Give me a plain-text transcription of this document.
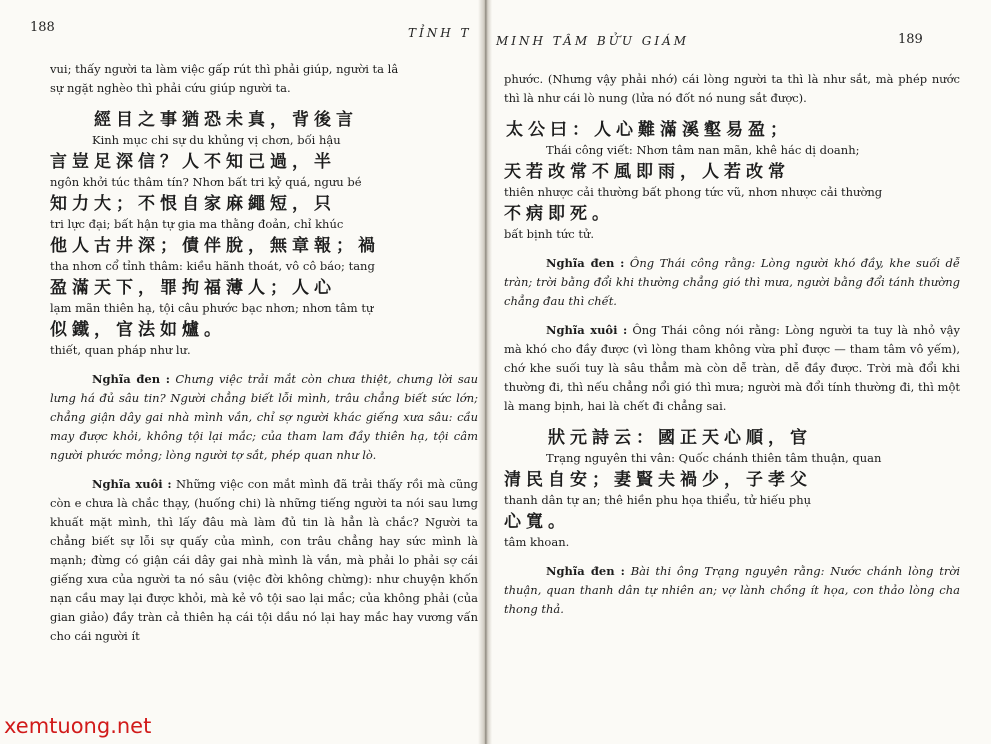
188	TỈNH T

vui; thấy người ta làm việc gấp rút thì phải giúp, người ta lâ

sự ngặt nghèo thì phải cứu giúp người ta.

經目之事猶恐未真，背後言

Kinh mục chi sự du khủng vị chơn, bối hậu

言豈足深信？人不知己過，半

ngôn khởi túc thâm tín? Nhơn bất tri kỷ quá, ngưu bé

知力大；不恨自家麻繩短，只

tri lực đại; bất hận tự gia ma thằng đoản, chỉ khúc

他人古井深；債伴脫，無章報；禍

tha nhơn cổ tỉnh thâm: kiều hãnh thoát, vô cô báo; tang

盈滿天下，罪拘福薄人；人心

lạm mãn thiên hạ, tội câu phước bạc nhơn; nhơn tâm tự

似鐵，官法如爐。

thiết, quan pháp như lư.

Nghĩa đen : Chưng việc trải mắt còn chưa thiệt, chưng lời sau lưng há đủ sâu tin? Người chẳng biết lỗi mình, trâu chẳng biết sức lớn; chẳng giận dây gai nhà mình vắn, chỉ sợ người khác giếng xưa sâu: cầu may được khỏi, không tội lại mắc; của tham lam đầy thiên hạ, tội câm người phước mỏng; lòng người tợ sắt, phép quan như lò.

Nghĩa xuôi : Những việc con mắt mình đã trải thấy rồi mà cũng còn e chưa là chắc thạy, (huống chi) là những tiếng người ta nói sau lưng khuất mặt mình, thì lấy đâu mà làm đủ tin là hẳn là chắc? Người ta chẳng biết sự lỗi sự quấy của mình, con trâu chẳng hay sức mình là mạnh; đừng có giận cái dây gai nhà mình là vắn, mà phải lo phải sợ cái giếng xưa của người ta nó sâu (việc đời không chừng): như chuyện khốn nạn cầu may lại được khỏi, mà kẻ vô tội sao lại mắc; của không phải (của gian giảo) đầy tràn cả thiên hạ cái tội dầu nó lại hay mắc hay vương vấn cho cái người ít

MINH TÂM BỬU GIÁM	189

phước. (Nhưng vậy phải nhớ) cái lòng người ta thì là như sắt, mà phép nước thì là như cái lò nung (lửa nó đốt nó nung sắt được).

太公曰：人心難滿溪壑易盈；

Thái công viết: Nhơn tâm nan mãn, khê hác dị doanh;

天若改常不風即雨，人若改常

thiên nhược cải thường bất phong tức vũ, nhơn nhược cải thường

不病即死。

bất bịnh tức tử.

Nghĩa đen : Ông Thái công rằng: Lòng người khó đầy, khe suối dễ tràn; trời bằng đổi khi thường chẳng gió thì mưa, người bằng đổi tánh thường chẳng đau thì chết.

Nghĩa xuôi : Ông Thái công nói rằng: Lòng người ta tuy là nhỏ vậy mà khó cho đầy được (vì lòng tham không vừa phỉ được — tham tâm vô yếm), chớ khe suối tuy là sâu thẳm mà còn dễ tràn, dễ đầy được. Trời mà đổi khi thường đi, thì nếu chẳng nổi gió thì mưa; người mà đổi tính thường đi, thì một là mang bịnh, hai là chết đi chẳng sai.

狀元詩云：國正天心順，官

Trạng nguyên thi vân: Quốc chánh thiên tâm thuận, quan

清民自安；妻賢夫禍少，子孝父

thanh dân tự an; thê hiền phu họa thiểu, tử hiếu phụ

心寬。

tâm khoan.

Nghĩa đen : Bài thi ông Trạng nguyên rằng: Nước chánh lòng trời thuận, quan thanh dân tự nhiên an; vợ lành chồng ít họa, con thảo lòng cha thong thả.

xemtuong.net
